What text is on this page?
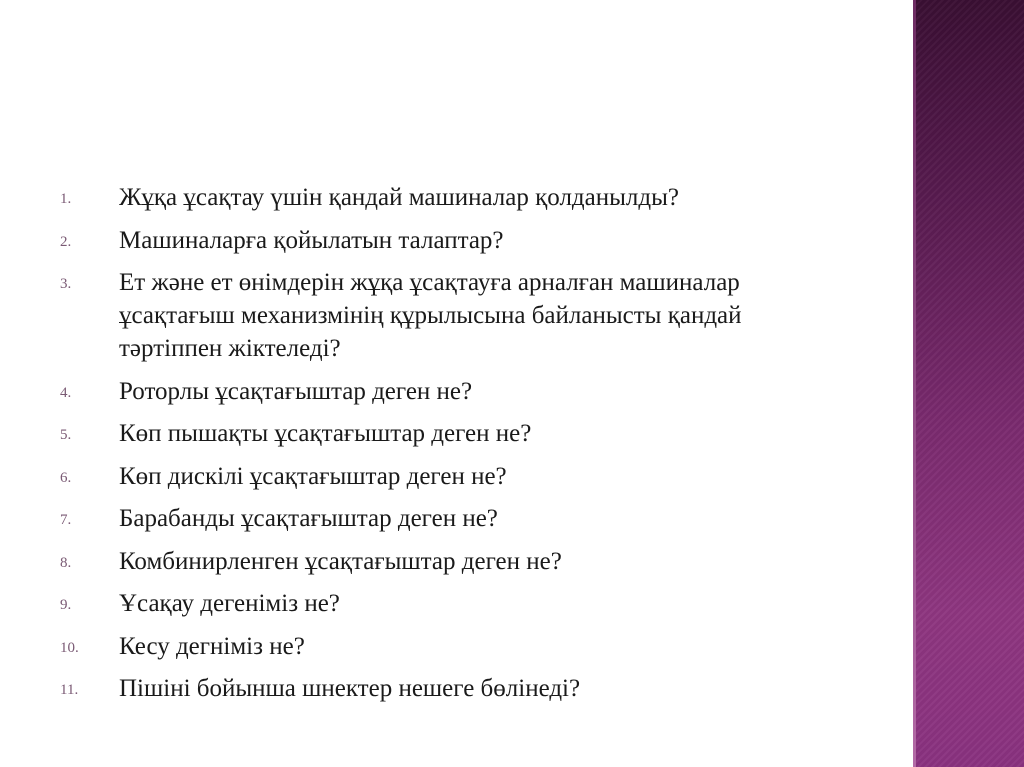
1. Жұқа ұсақтау үшін қандай машиналар қолданылды?
2. Машиналарға қойылатын талаптар?
3. Ет және ет өнімдерін жұқа ұсақтауға арналған машиналар ұсақтағыш механизмінің құрылысына байланысты қандай тәртіппен жіктеледі?
4. Роторлы ұсақтағыштар деген не?
5. Көп пышақты ұсақтағыштар деген не?
6. Көп дискілі ұсақтағыштар деген не?
7. Барабанды ұсақтағыштар деген не?
8. Комбинирленген ұсақтағыштар деген не?
9. Ұсақау дегеніміз не?
10. Кесу дегніміз не?
11. Пішіні бойынша шнектер нешеге бөлінеді?
